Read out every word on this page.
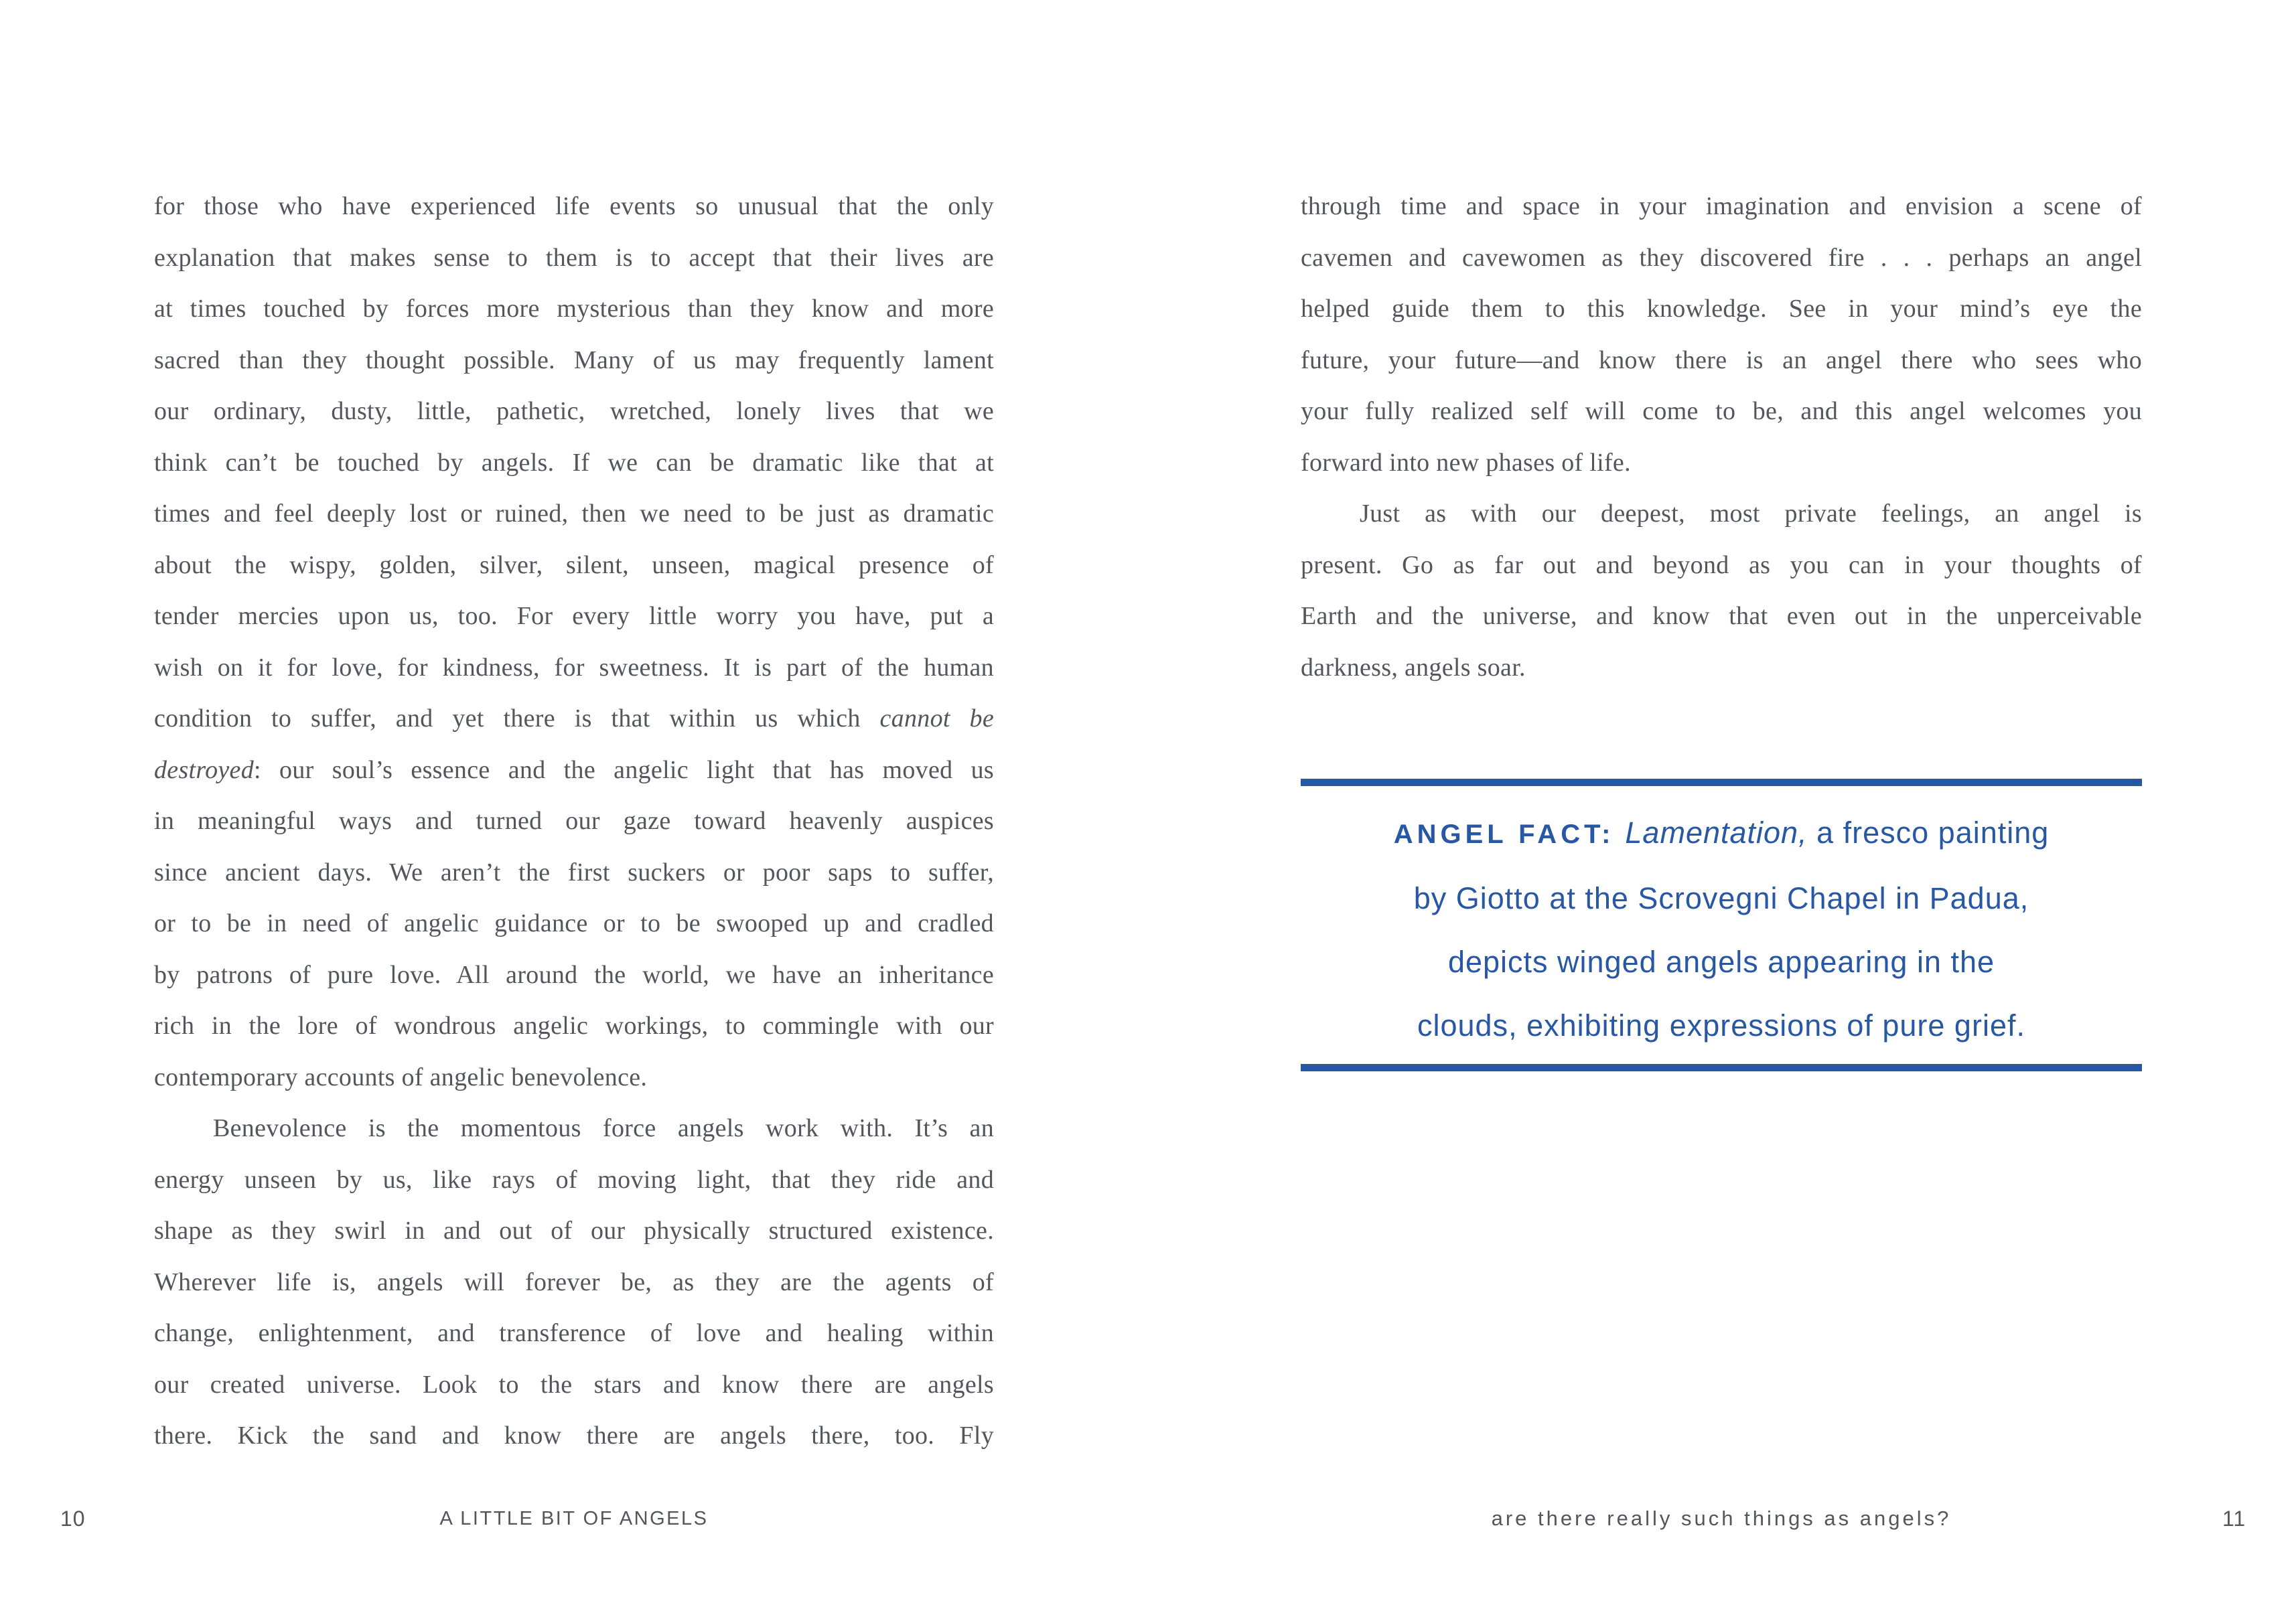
for those who have experienced life events so unusual that the only
explanation that makes sense to them is to accept that their lives are
at times touched by forces more mysterious than they know and more
sacred than they thought possible. Many of us may frequently lament
our ordinary, dusty, little, pathetic, wretched, lonely lives that we
think can’t be touched by angels. If we can be dramatic like that at
times and feel deeply lost or ruined, then we need to be just as dramatic
about the wispy, golden, silver, silent, unseen, magical presence of
tender mercies upon us, too. For every little worry you have, put a
wish on it for love, for kindness, for sweetness. It is part of the human
condition to suffer, and yet there is that within us which cannot be
destroyed: our soul’s essence and the angelic light that has moved us
in meaningful ways and turned our gaze toward heavenly auspices
since ancient days. We aren’t the first suckers or poor saps to suffer,
or to be in need of angelic guidance or to be swooped up and cradled
by patrons of pure love. All around the world, we have an inheritance
rich in the lore of wondrous angelic workings, to commingle with our
contemporary accounts of angelic benevolence.
Benevolence is the momentous force angels work with. It’s an
energy unseen by us, like rays of moving light, that they ride and
shape as they swirl in and out of our physically structured existence.
Wherever life is, angels will forever be, as they are the agents of
change, enlightenment, and transference of love and healing within
our created universe. Look to the stars and know there are angels
there. Kick the sand and know there are angels there, too. Fly
through time and space in your imagination and envision a scene of
cavemen and cavewomen as they discovered fire . . . perhaps an angel
helped guide them to this knowledge. See in your mind’s eye the
future, your future—and know there is an angel there who sees who
your fully realized self will come to be, and this angel welcomes you
forward into new phases of life.
Just as with our deepest, most private feelings, an angel is
present. Go as far out and beyond as you can in your thoughts of
Earth and the universe, and know that even out in the unperceivable
darkness, angels soar.
ANGEL FACT: Lamentation, a fresco painting
by Giotto at the Scrovegni Chapel in Padua,
depicts winged angels appearing in the
clouds, exhibiting expressions of pure grief.
10	A LITTLE BIT OF ANGELS	are there really such things as angels?	11
